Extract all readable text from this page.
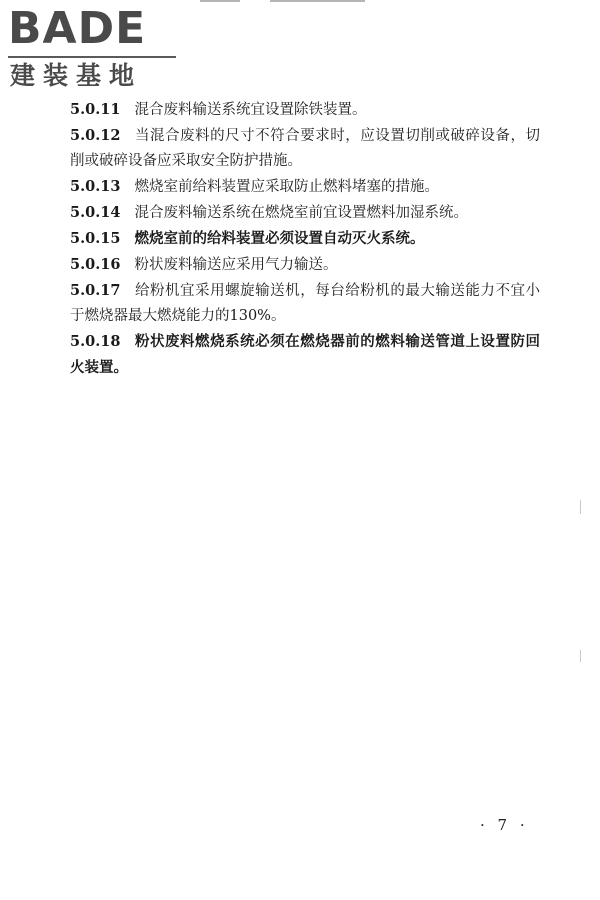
BADE
建装基地

5.0.11 混合废料输送系统宜设置除铁装置。

5.0.12 当混合废料的尺寸不符合要求时，应设置切削或破碎设备，切削或破碎设备应采取安全防护措施。

5.0.13 燃烧室前给料装置应采取防止燃料堵塞的措施。

5.0.14 混合废料输送系统在燃烧室前宜设置燃料加湿系统。

5.0.15 燃烧室前的给料装置必须设置自动灭火系统。

5.0.16 粉状废料输送应采用气力输送。

5.0.17 给粉机宜采用螺旋输送机，每台给粉机的最大输送能力不宜小于燃烧器最大燃烧能力的130%。

5.0.18 粉状废料燃烧系统必须在燃烧器前的燃料输送管道上设置防回火装置。

· 7 ·
